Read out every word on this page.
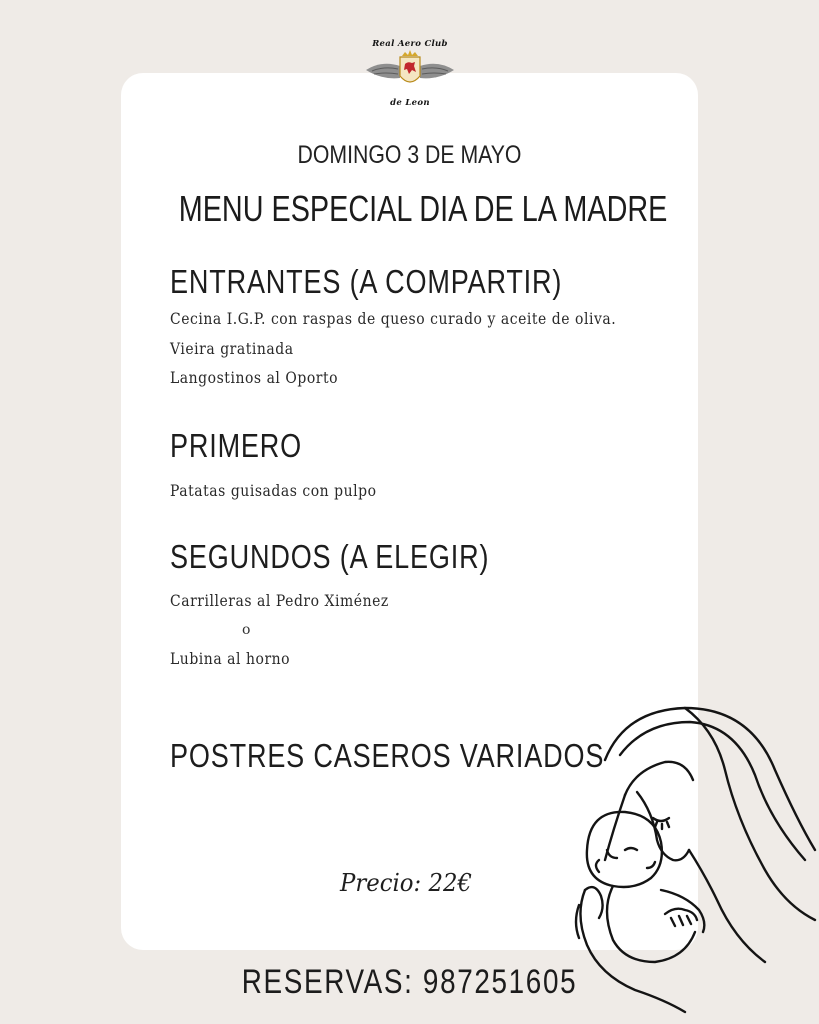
Real Aero Club
de Leon
DOMINGO 3 DE MAYO
MENU ESPECIAL DIA DE LA MADRE
ENTRANTES (A COMPARTIR)
Cecina I.G.P. con raspas de queso curado y aceite de oliva.
Vieira gratinada
Langostinos al Oporto
PRIMERO
Patatas guisadas con pulpo
SEGUNDOS (A ELEGIR)
Carrilleras al Pedro Ximénez
o
Lubina al horno
POSTRES CASEROS VARIADOS
Precio: 22€
RESERVAS: 987251605
